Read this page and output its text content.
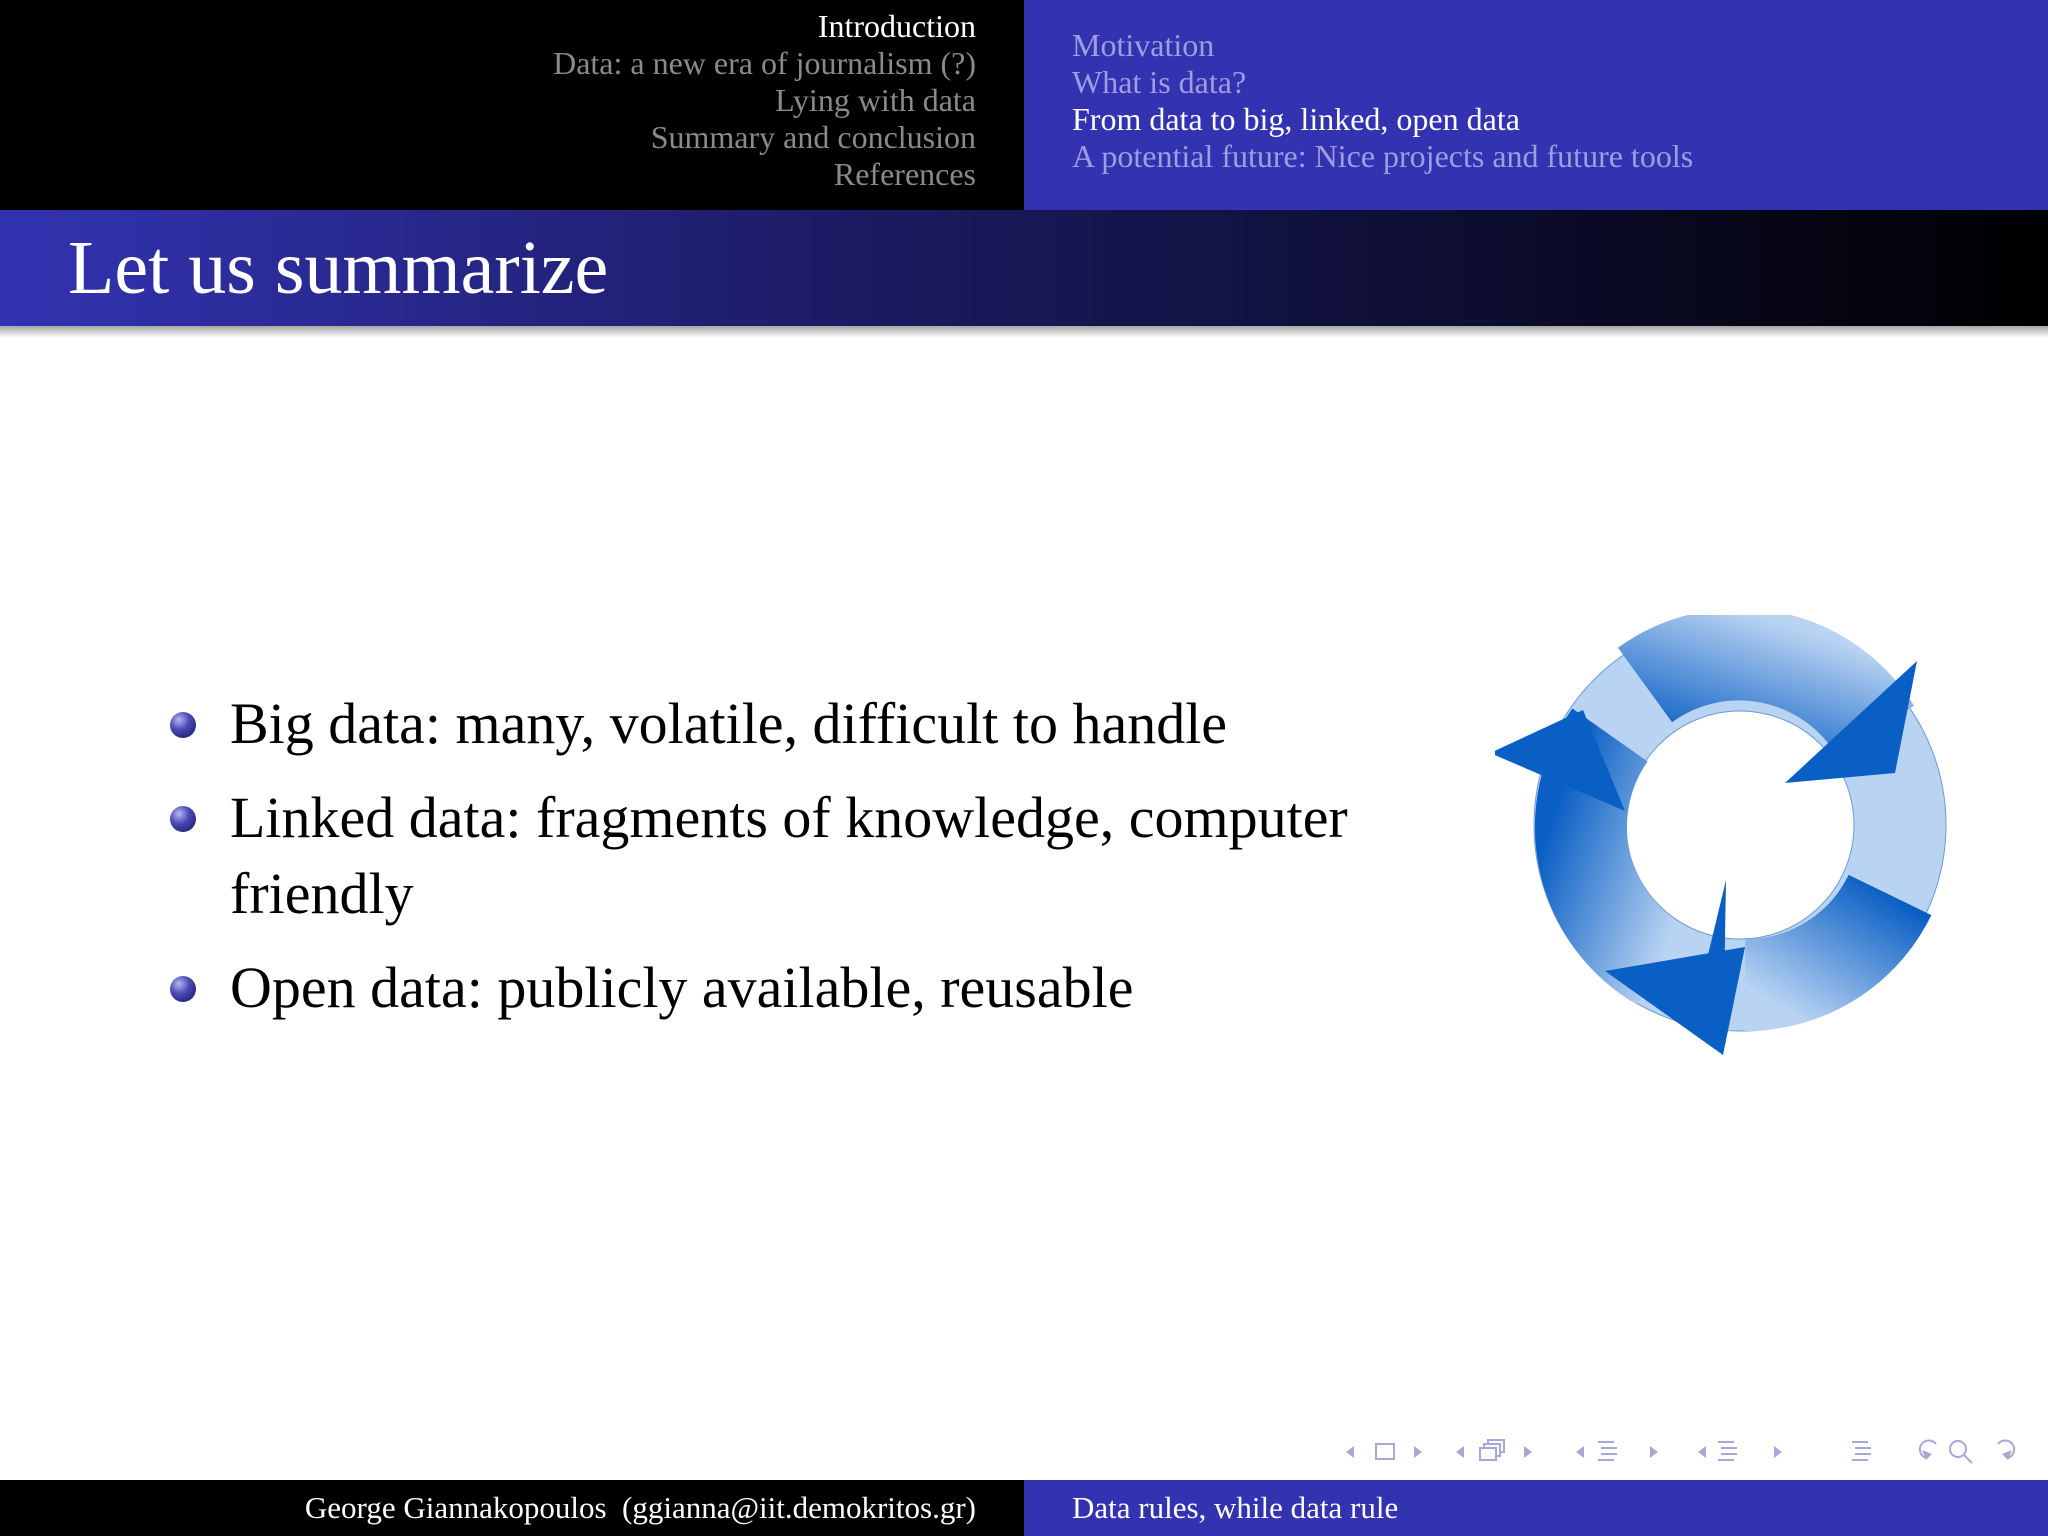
Introduction
Data: a new era of journalism (?)
Lying with data
Summary and conclusion
References
Motivation
What is data?
From data to big, linked, open data
A potential future: Nice projects and future tools
Let us summarize
Big data: many, volatile, difficult to handle
Linked data: fragments of knowledge, computer friendly
Open data: publicly available, reusable
George Giannakopoulos  (ggianna@iit.demokritos.gr)	Data rules, while data rule
